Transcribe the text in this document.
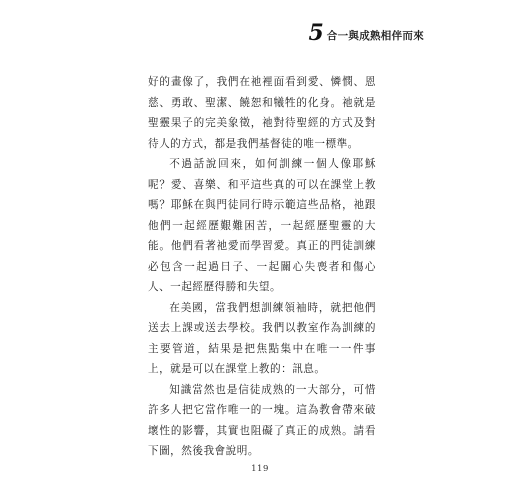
5 合一與成熟相伴而來

好的畫像了，我們在祂裡面看到愛、憐憫、恩慈、勇敢、聖潔、饒恕和犧牲的化身。祂就是聖靈果子的完美象徵，祂對待聖經的方式及對待人的方式，都是我們基督徒的唯一標準。

不過話說回來，如何訓練一個人像耶穌呢？愛、喜樂、和平這些真的可以在課堂上教嗎？耶穌在與門徒同行時示範這些品格，祂跟他們一起經歷艱難困苦，一起經歷聖靈的大能。他們看著祂愛而學習愛。真正的門徒訓練必包含一起過日子、一起關心失喪者和傷心人、一起經歷得勝和失望。

在美國，當我們想訓練領袖時，就把他們送去上課或送去學校。我們以教室作為訓練的主要管道，結果是把焦點集中在唯一一件事上，就是可以在課堂上教的：訊息。

知識當然也是信徒成熟的一大部分，可惜許多人把它當作唯一的一塊。這為教會帶來破壞性的影響，其實也阻礙了真正的成熟。請看下圖，然後我會說明。

119
